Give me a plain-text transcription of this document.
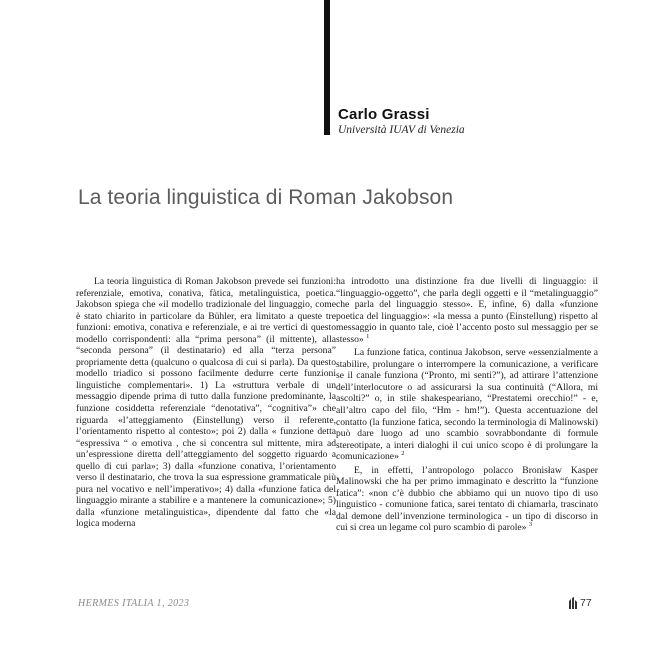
Carlo Grassi
Università IUAV di Venezia
La teoria linguistica di Roman Jakobson

La teoria linguistica di Roman Jakobson prevede sei funzioni: referenziale, emotiva, conativa, fàtica, metalinguistica, poetica. Jakobson spiega che «il modello tradizionale del linguaggio, come è stato chiarito in particolare da Bühler, era limitato a queste tre funzioni: emotiva, conativa e referenziale, e ai tre vertici di questo modello corrispondenti: alla “prima persona” (il mittente), alla “seconda persona” (il destinatario) ed alla “terza persona” propriamente detta (qualcuno o qualcosa di cui si parla). Da questo modello triadico si possono facilmente dedurre certe funzioni linguistiche complementari». 1) La «struttura verbale di un messaggio dipende prima di tutto dalla funzione predominante, la funzione cosiddetta referenziale “denotativa”, “cognitiva”» che riguarda «l’atteggiamento (Einstellung) verso il referente, l’orientamento rispetto al contesto»; poi 2) dalla « funzione detta “espressiva “ o emotiva , che si concentra sul mittente, mira ad un’espressione diretta dell’atteggiamento del soggetto riguardo a quello di cui parla»; 3) dalla «funzione conativa, l’orientamento verso il destinatario, che trova la sua espressione grammaticale più pura nel vocativo e nell’imperativo»; 4) dalla «funzione fatica del linguaggio mirante a stabilire e a mantenere la comunicazione»; 5) dalla «funzione metalinguistica», dipendente dal fatto che «la logica moderna

ha introdotto una distinzione fra due livelli di linguaggio: il “linguaggio-oggetto”, che parla degli oggetti e il “metalinguaggio” che parla del linguaggio stesso». E, infine, 6) dalla «funzione poetica del linguaggio»: «la messa a punto (Einstellung) rispetto al messaggio in quanto tale, cioè l’accento posto sul messaggio per se stesso» $^1$

La funzione fatica, continua Jakobson, serve «essenzialmente a stabilire, prolungare o interrompere la comunicazione, a verificare se il canale funziona (“Pronto, mi senti?”), ad attirare l’attenzione dell’interlocutore o ad assicurarsi la sua continuità (“Allora, mi ascolti?” o, in stile shakespeariano, “Prestatemi orecchio!” - e, all’altro capo del filo, “Hm - hm!”). Questa accentuazione del contatto (la funzione fatica, secondo la terminologia di Malinowski) può dare luogo ad uno scambio sovrabbondante di formule stereotipate, a interi dialoghi il cui unico scopo è di prolungare la comunicazione» $^2$

E, in effetti, l’antropologo polacco Bronisław Kasper Malinowski che ha per primo immaginato e descritto la “funzione fatica”: «non c’è dubbio che abbiamo qui un nuovo tipo di uso linguistico - comunione fatica, sarei tentato di chiamarla, trascinato dal demone dell’invenzione terminologica - un tipo di discorso in cui si crea un legame col puro scambio di parole» $^3$

HERMES ITALIA 1, 2023	77
